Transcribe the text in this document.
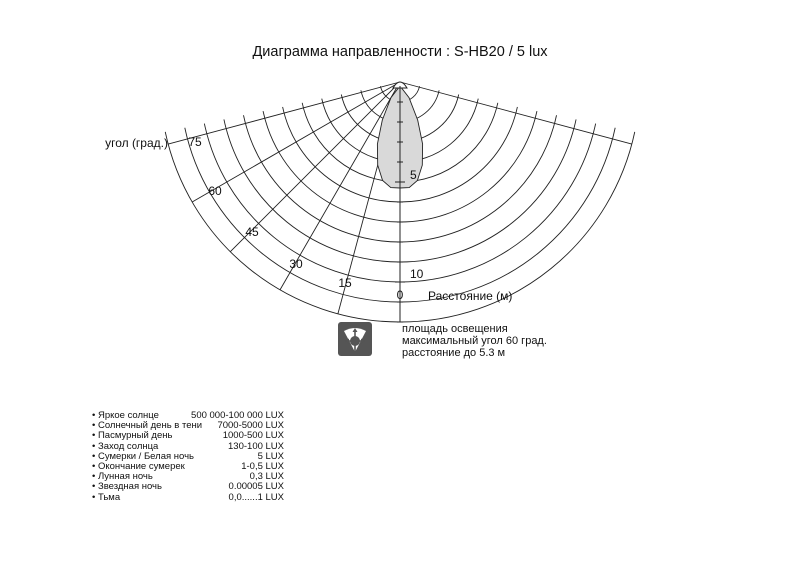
Диаграмма направленности : S-HB20 / 5 lux
0
15
30
45
60
75
5
10
угол (град.)
Расстояние (м)
площадь освещения
максимальный угол 60 град.
расстояние до 5.3 м
• Яркое солнце	500 000-100 000 LUX
• Солнечный день в тени	7000-5000 LUX
• Пасмурный день	1000-500 LUX
• Заход солнца	130-100 LUX
• Сумерки / Белая ночь	5 LUX
• Окончание сумерек	1-0,5 LUX
• Лунная ночь	0,3 LUX
• Звездная ночь	0.00005 LUX
• Тьма	0,0......1 LUX
